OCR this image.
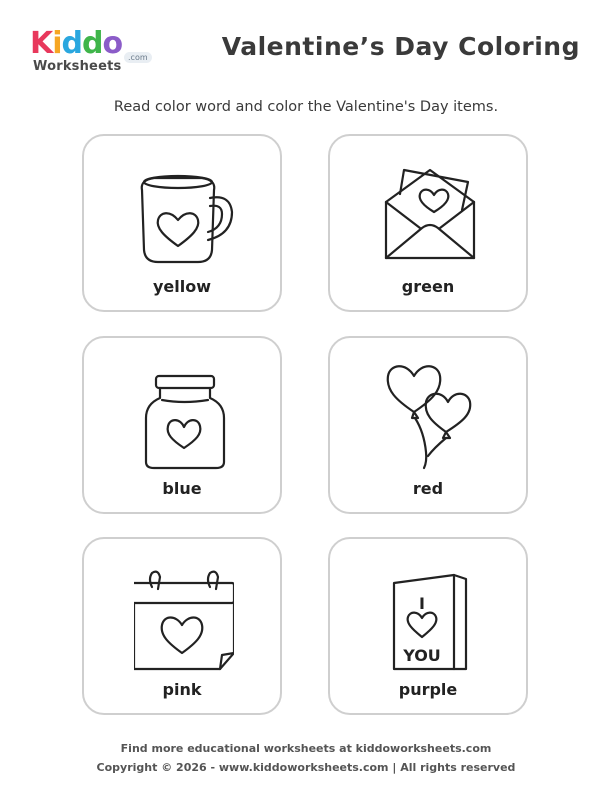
Kiddo
Worksheets
.com	Valentine’s Day Coloring
Read color word and color the Valentine's Day items.
yellow	green
blue	red
pink
I
YOU
purple
Find more educational worksheets at kiddoworksheets.com
Copyright © 2026 - www.kiddoworksheets.com | All rights reserved
